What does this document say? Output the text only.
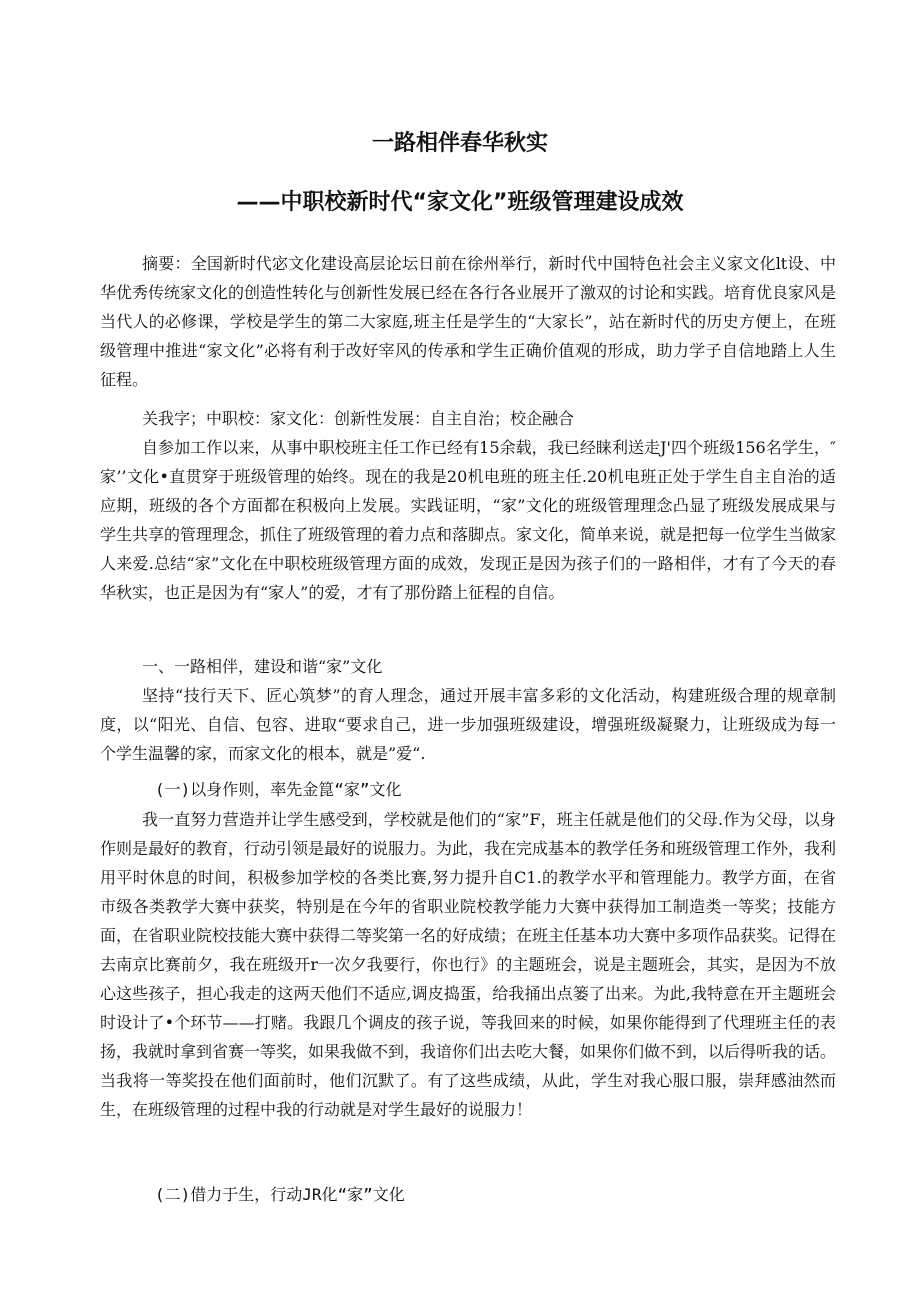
一路相伴春华秋实
——中职校新时代“家文化”班级管理建设成效

摘要：全国新时代宓文化建设高层论坛日前在徐州举行，新时代中国特色社会主义家文化lt设、中华优秀传统家文化的创造性转化与创新性发展已经在各行各业展开了激双的讨论和实践。培育优良家风是当代人的必修课，学校是学生的第二大家庭,班主任是学生的“大家长”，站在新时代的历史方便上，在班级管理中推进“家文化”必将有利于改好宰风的传承和学生正确价值观的形成，助力学子自信地踏上人生征程。

关我字；中职校：家文化：创新性发展：自主自治；校企融合

自参加工作以来，从事中职校班主任工作已经有15余载，我已经睐利送走J'四个班级156名学生，″家’’文化•直贯穿于班级管理的始终。现在的我是20机电班的班主任.20机电班正处于学生自主自治的适应期，班级的各个方面都在积极向上发展。实践证明，“家”文化的班级管理理念凸显了班级发展成果与学生共享的管理理念，抓住了班级管理的着力点和落脚点。家文化，简单来说，就是把每一位学生当做家人来爱.总结“家”文化在中职校班级管理方面的成效，发现正是因为孩子们的一路相伴，才有了今天的春华秋实，也正是因为有“家人”的爱，才有了那份踏上征程的自信。

一、一路相伴，建设和谐“家”文化

坚持“技行天下、匠心筑梦”的育人理念，通过开展丰富多彩的文化活动，构建班级合理的规章制度，以“阳光、自信、包容、进取“要求自己，进一步加强班级建设，增强班级凝聚力，让班级成为每一个学生温馨的家，而家文化的根本，就是”爱“.

(一)以身作则，率先金箟“家”文化

我一直努力营造并让学生感受到，学校就是他们的“家”F，班主任就是他们的父母.作为父母，以身作则是最好的教育，行动引领是最好的说服力。为此，我在完成基本的教学任务和班级管理工作外，我利用平时休息的时间，积极参加学校的各类比赛,努力提升自C1.的教学水平和管理能力。教学方面，在省市级各类教学大赛中获奖，特别是在今年的省职业院校教学能力大赛中获得加工制造类一等奖；技能方面，在省职业院校技能大赛中获得二等奖第一名的好成绩；在班主任基本功大赛中多项作品获奖。记得在去南京比赛前夕，我在班级开r一次夕我要行，你也行》的主题班会，说是主题班会，其实，是因为不放心这些孩子，担心我走的这两天他们不适应,调皮捣蛋，给我捅出点篓了出来。为此,我特意在开主题班会时设计了•个环节——打赌。我跟几个调皮的孩子说，等我回来的时候，如果你能得到了代理班主任的表扬，我就时拿到省赛一等奖，如果我做不到，我谙你们出去吃大餐，如果你们做不到，以后得听我的话。当我将一等奖投在他们面前时，他们沉默了。有了这些成绩，从此，学生对我心服口服，崇拜感油然而生，在班级管理的过程中我的行动就是对学生最好的说服力！

(二)借力于生，行动JR化“家”文化
